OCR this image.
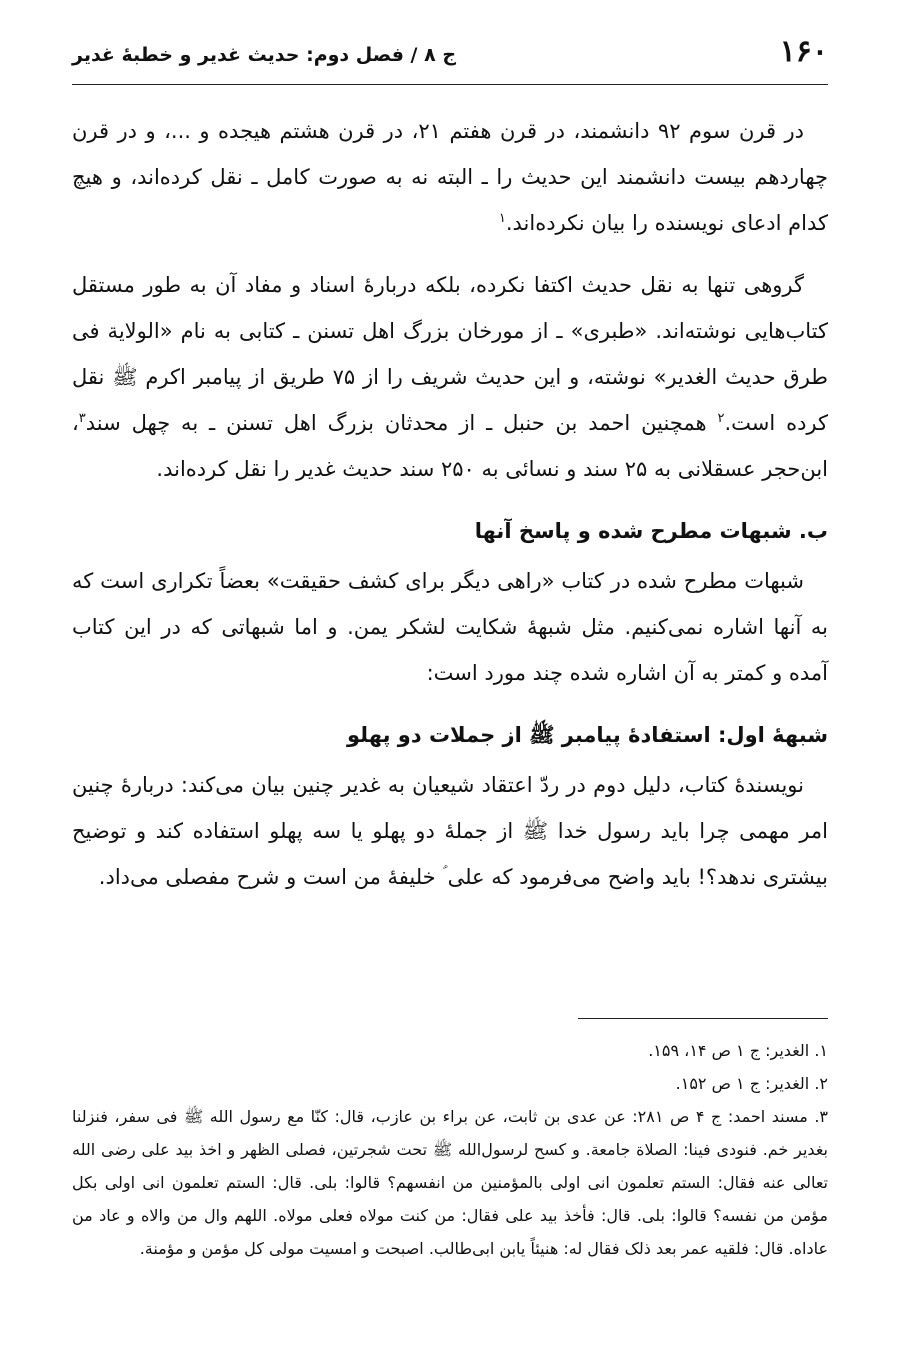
۱۶۰
ج ۸ / فصل دوم: حدیث غدیر و خطبهٔ غدیر

در قرن سوم ۹۲ دانشمند، در قرن هفتم ۲۱، در قرن هشتم هیجده و ...، و در قرن چهاردهم بیست دانشمند این حدیث را ـ البته نه به صورت کامل ـ نقل کرده‌اند، و هیچ کدام ادعای نویسنده را بیان نکرده‌اند.$^۱$

گروهی تنها به نقل حدیث اکتفا نکرده، بلکه دربارهٔ اسناد و مفاد آن به طور مستقل کتاب‌هایی نوشته‌اند. «طبری» ـ از مورخان بزرگ اهل تسنن ـ کتابی به نام «الولایة فی طرق حدیث الغدیر» نوشته، و این حدیث شریف را از ۷۵ طریق از پیامبر اکرم ﷺ نقل کرده است.$^۲$ همچنین احمد بن حنبل ـ از محدثان بزرگ اهل تسنن ـ به چهل سند$^۳$، ابن‌حجر عسقلانی به ۲۵ سند و نسائی به ۲۵۰ سند حدیث غدیر را نقل کرده‌اند.

ب. شبهات مطرح شده و پاسخ آنها

شبهات مطرح شده در کتاب «راهی دیگر برای کشف حقیقت» بعضاً تکراری است که به آنها اشاره نمی‌کنیم. مثل شبههٔ شکایت لشکر یمن. و اما شبهاتی که در این کتاب آمده و کمتر به آن اشاره شده چند مورد است:

شبههٔ اول: استفادهٔ پیامبر ﷺ از جملات دو پهلو

نویسندهٔ کتاب، دلیل دوم در ردّ اعتقاد شیعیان به غدیر چنین بیان می‌کند: دربارهٔ چنین امر مهمی چرا باید رسول خدا ﷺ از جملهٔ دو پهلو یا سه پهلو استفاده کند و توضیح بیشتری ندهد؟! باید واضح می‌فرمود که علی ؑ خلیفهٔ من است و شرح مفصلی می‌داد.

۱. الغدیر: ج ۱ ص ۱۴، ۱۵۹.

۲. الغدیر: ج ۱ ص ۱۵۲.

۳. مسند احمد: ج ۴ ص ۲۸۱: عن عدی بن ثابت، عن براء بن عازب، قال: کنّا مع رسول الله ﷺ فی سفر، فنزلنا بغدیر خم. فنودی فینا: الصلاة جامعة. و کسح لرسول‌الله ﷺ تحت شجرتین، فصلی الظهر و اخذ بید علی رضی الله تعالی عنه فقال: الستم تعلمون انی اولی بالمؤمنین من انفسهم؟ قالوا: بلی. قال: الستم تعلمون انی اولی بکل مؤمن من نفسه؟ قالوا: بلی. قال: فأخذ بید علی فقال: من کنت مولاه فعلی مولاه. اللهم وال من والاه و عاد من عاداه. قال: فلقیه عمر بعد ذلک فقال له: هنیئاً یابن ابی‌طالب. اصبحت و امسیت مولی کل مؤمن و مؤمنة.
